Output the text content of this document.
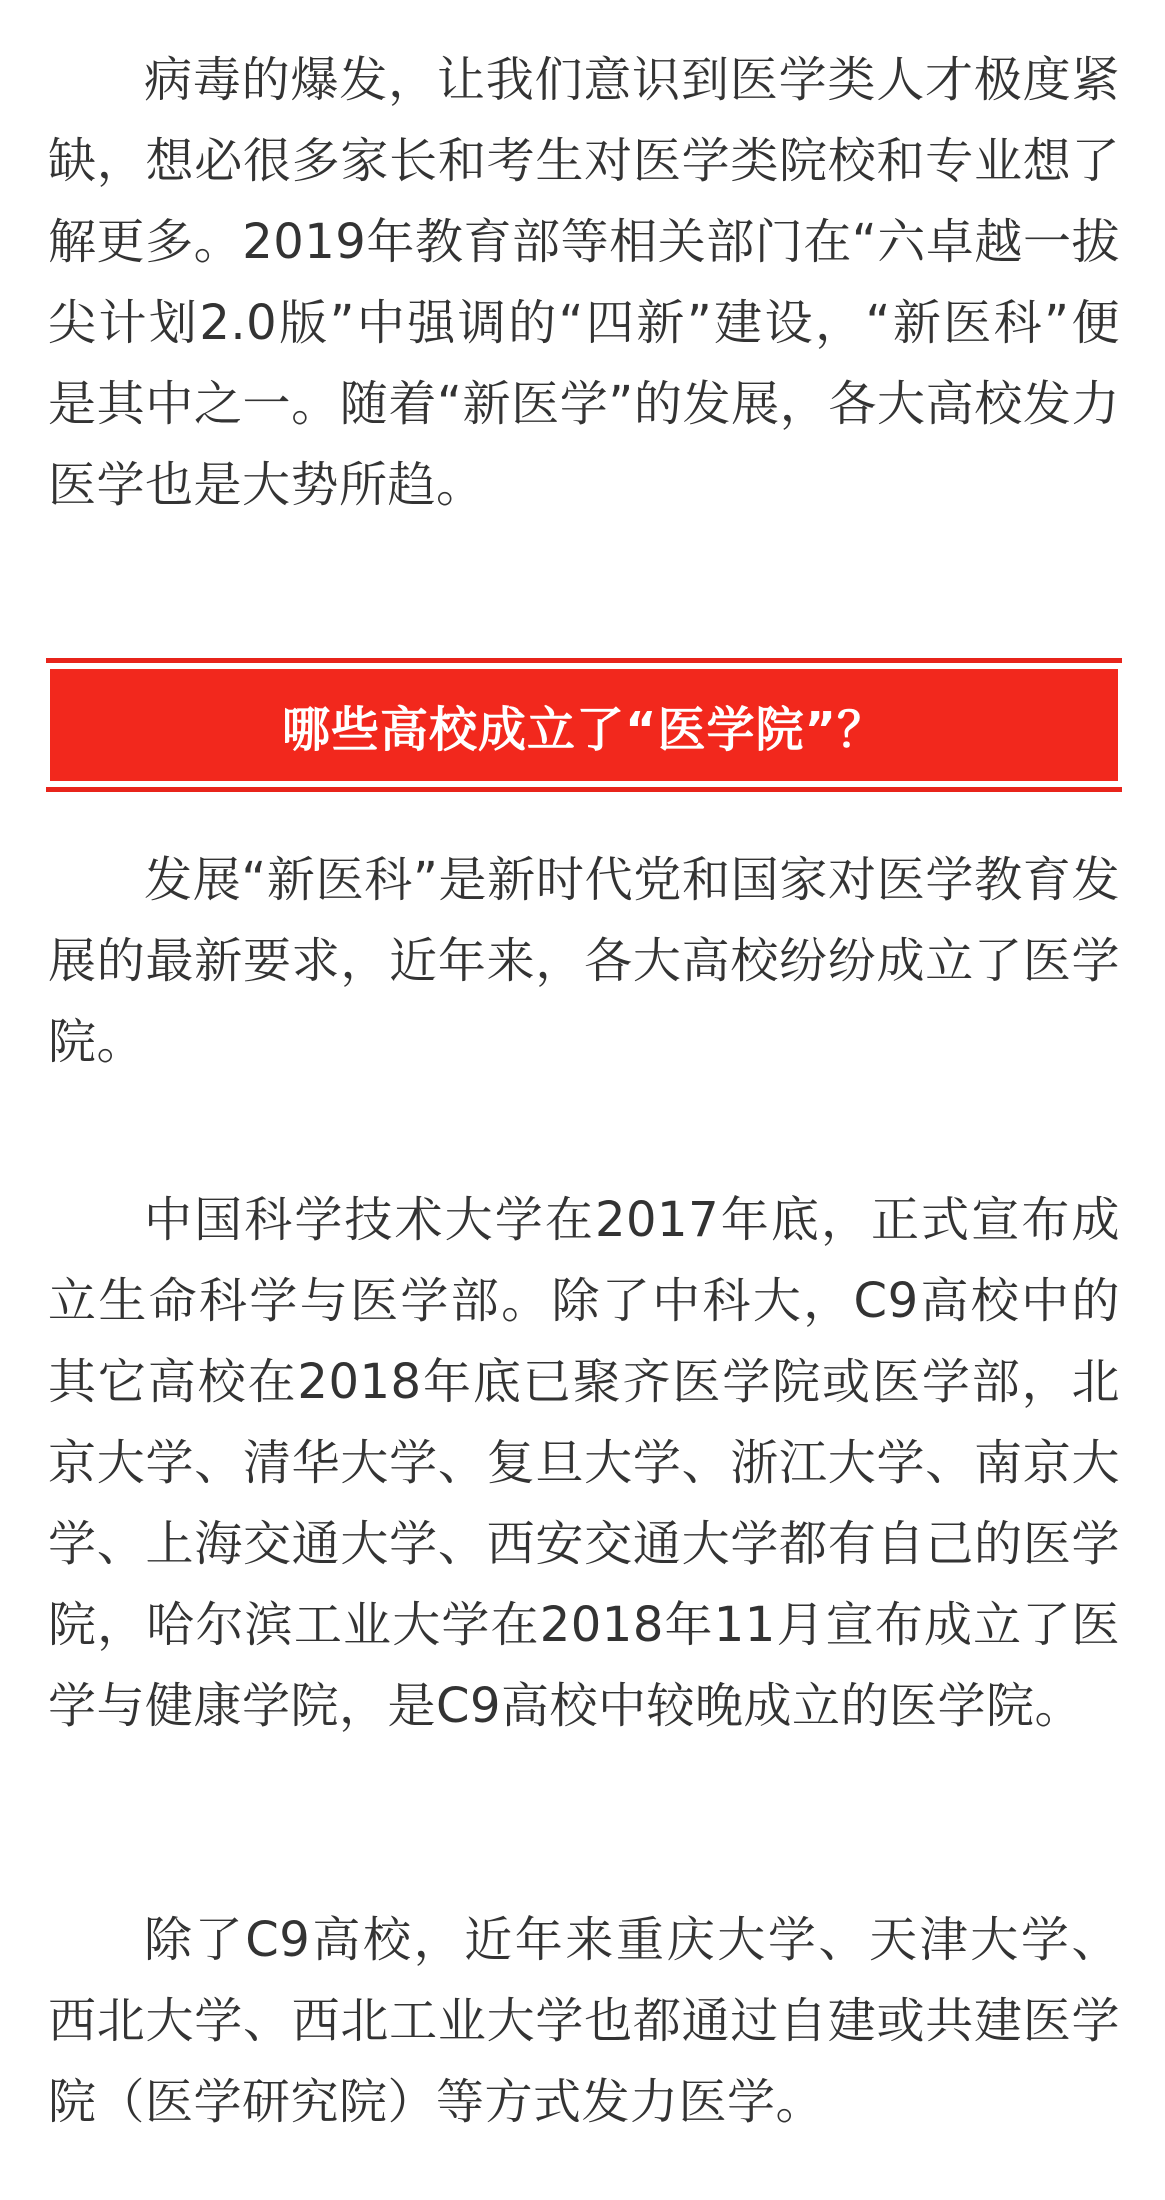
病毒的爆发，让我们意识到医学类人才极度紧缺，想必很多家长和考生对医学类院校和专业想了解更多。2019年教育部等相关部门在“六卓越一拔尖计划2.0版”中强调的“四新”建设，“新医科”便是其中之一。随着“新医学”的发展，各大高校发力医学也是大势所趋。

哪些高校成立了“医学院”？

发展“新医科”是新时代党和国家对医学教育发展的最新要求，近年来，各大高校纷纷成立了医学院。

中国科学技术大学在2017年底，正式宣布成立生命科学与医学部。除了中科大，C9高校中的其它高校在2018年底已聚齐医学院或医学部，北京大学、清华大学、复旦大学、浙江大学、南京大学、上海交通大学、西安交通大学都有自己的医学院，哈尔滨工业大学在2018年11月宣布成立了医学与健康学院，是C9高校中较晚成立的医学院。

除了C9高校，近年来重庆大学、天津大学、西北大学、西北工业大学也都通过自建或共建医学院（医学研究院）等方式发力医学。
